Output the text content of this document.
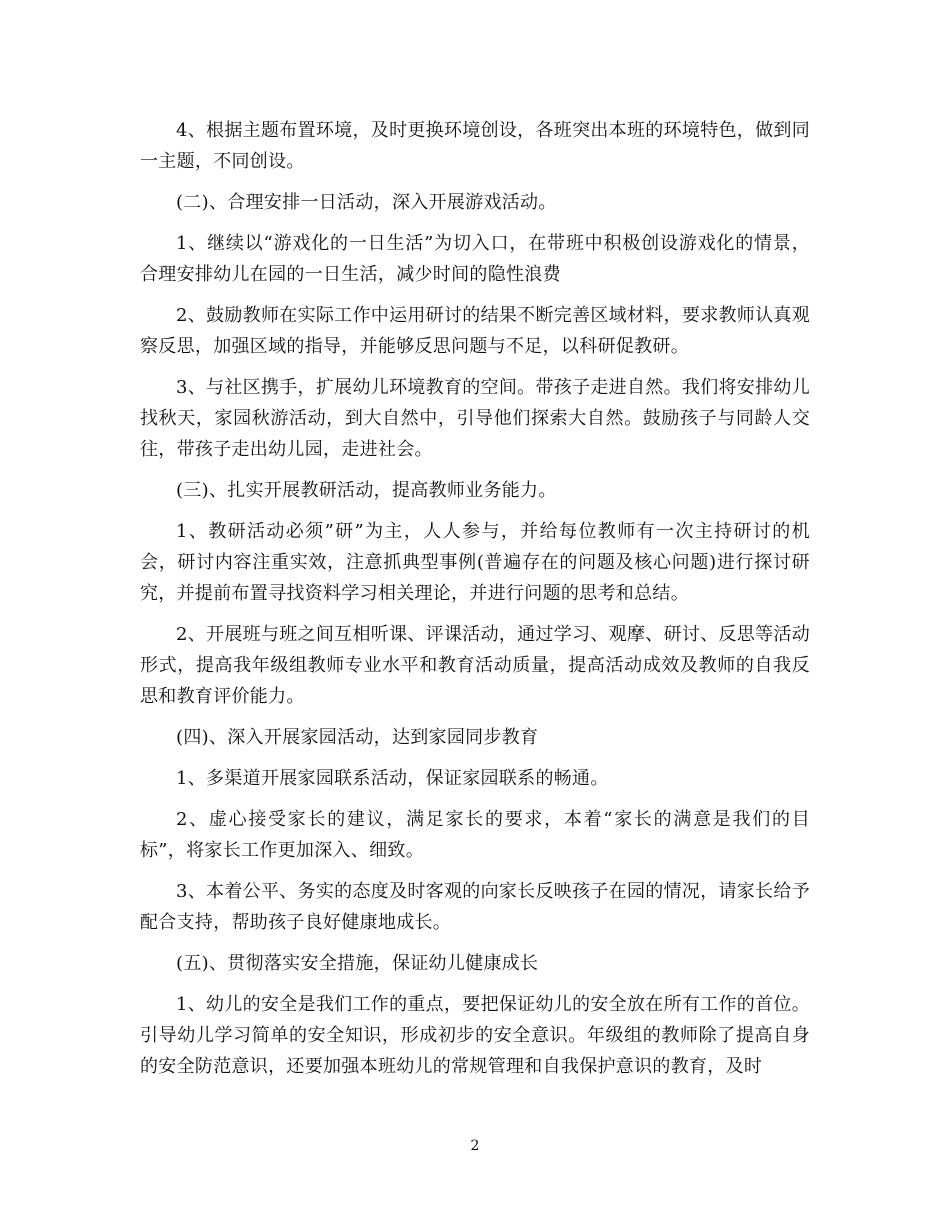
4、根据主题布置环境，及时更换环境创设，各班突出本班的环境特色，做到同一主题，不同创设。

(二)、合理安排一日活动，深入开展游戏活动。

1、继续以“游戏化的一日生活”为切入口，在带班中积极创设游戏化的情景，合理安排幼儿在园的一日生活，减少时间的隐性浪费

2、鼓励教师在实际工作中运用研讨的结果不断完善区域材料，要求教师认真观察反思，加强区域的指导，并能够反思问题与不足，以科研促教研。

3、与社区携手，扩展幼儿环境教育的空间。带孩子走进自然。我们将安排幼儿找秋天，家园秋游活动，到大自然中，引导他们探索大自然。鼓励孩子与同龄人交往，带孩子走出幼儿园，走进社会。

(三)、扎实开展教研活动，提高教师业务能力。

1、教研活动必须”研”为主，人人参与，并给每位教师有一次主持研讨的机会，研讨内容注重实效，注意抓典型事例(普遍存在的问题及核心问题)进行探讨研究，并提前布置寻找资料学习相关理论，并进行问题的思考和总结。

2、开展班与班之间互相听课、评课活动，通过学习、观摩、研讨、反思等活动形式，提高我年级组教师专业水平和教育活动质量，提高活动成效及教师的自我反思和教育评价能力。

(四)、深入开展家园活动，达到家园同步教育

1、多渠道开展家园联系活动，保证家园联系的畅通。

2、虚心接受家长的建议，满足家长的要求，本着“家长的满意是我们的目标”，将家长工作更加深入、细致。

3、本着公平、务实的态度及时客观的向家长反映孩子在园的情况，请家长给予配合支持，帮助孩子良好健康地成长。

(五)、贯彻落实安全措施，保证幼儿健康成长

1、幼儿的安全是我们工作的重点，要把保证幼儿的安全放在所有工作的首位。引导幼儿学习简单的安全知识，形成初步的安全意识。年级组的教师除了提高自身的安全防范意识，还要加强本班幼儿的常规管理和自我保护意识的教育，及时

2
